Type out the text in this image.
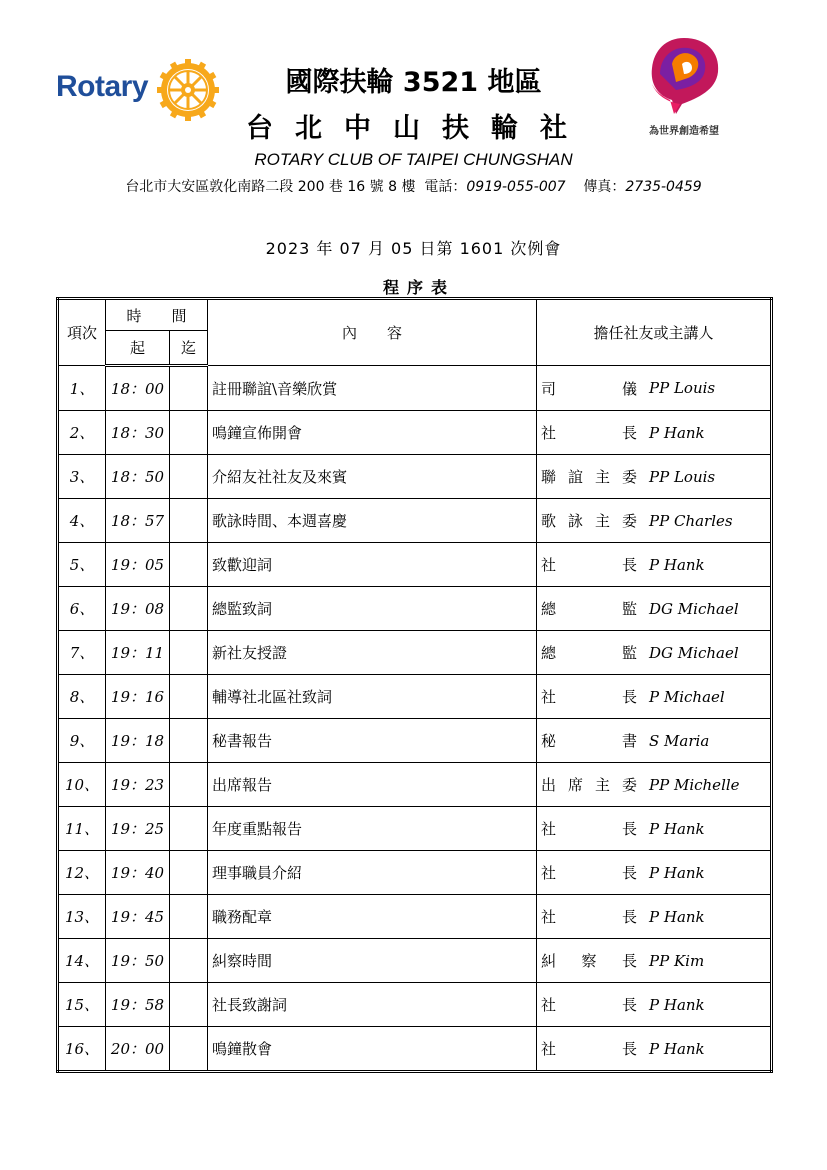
Rotary
為世界創造希望
國際扶輪 3521 地區
台北中山扶輪社
ROTARY CLUB OF TAIPEI CHUNGSHAN
台北市大安區敦化南路二段 200 巷 16 號 8 樓 電話：0919-055-007 傳真：2735-0459
2023 年 07 月 05 日第 1601 次例會
程序表
項次	時　　間		內　　容	擔任社友或主講人
	起	迄		
1、	18：00		註冊聯誼\音樂欣賞	司儀 PP Louis
2、	18：30		鳴鐘宣佈開會	社長 P Hank
3、	18：50		介紹友社社友及來賓	聯誼主委 PP Louis
4、	18：57		歌詠時間、本週喜慶	歌詠主委 PP Charles
5、	19：05		致歡迎詞	社長 P Hank
6、	19：08		總監致詞	總監 DG Michael
7、	19：11		新社友授證	總監 DG Michael
8、	19：16		輔導社北區社致詞	社長 P Michael
9、	19：18		秘書報告	秘書 S Maria
10、	19：23		出席報告	出席主委 PP Michelle
11、	19：25		年度重點報告	社長 P Hank
12、	19：40		理事職員介紹	社長 P Hank
13、	19：45		職務配章	社長 P Hank
14、	19：50		糾察時間	糾察長 PP Kim
15、	19：58		社長致謝詞	社長 P Hank
16、	20：00		鳴鐘散會	社長 P Hank
